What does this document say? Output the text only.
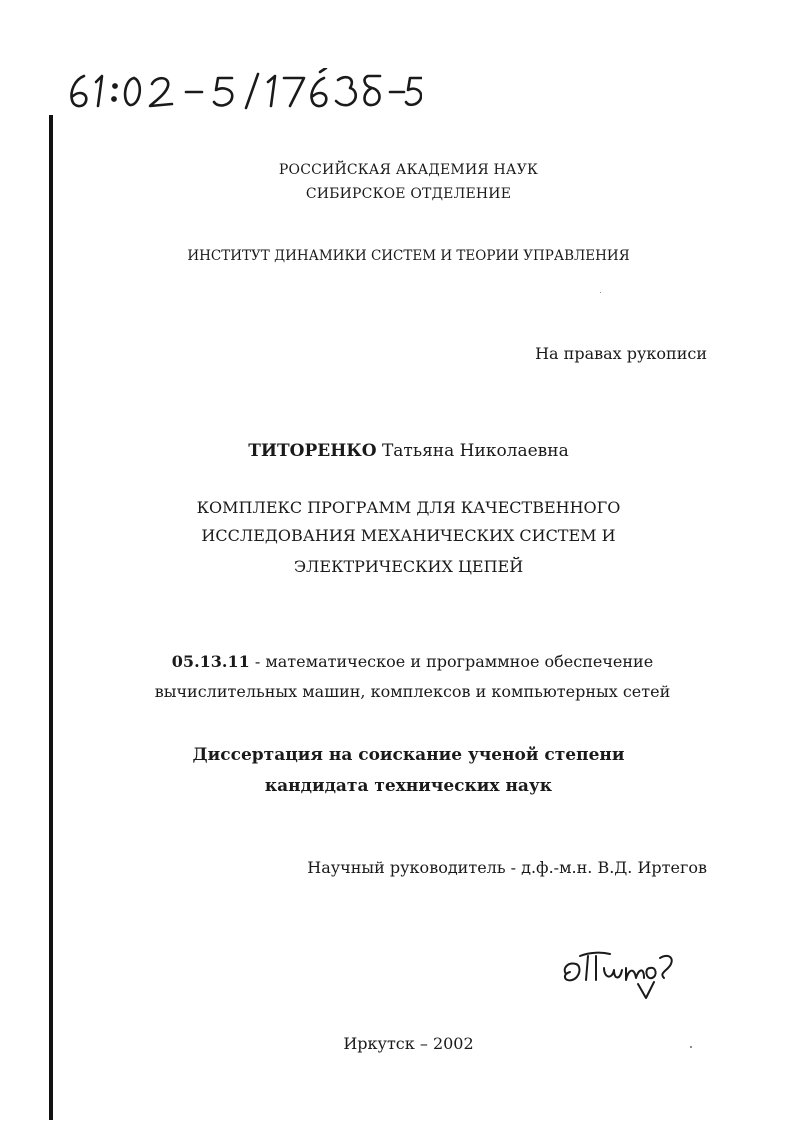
61:02-5/1763б-5
РОССИЙСКАЯ АКАДЕМИЯ НАУК
СИБИРСКОЕ ОТДЕЛЕНИЕ
ИНСТИТУТ ДИНАМИКИ СИСТЕМ И ТЕОРИИ УПРАВЛЕНИЯ
На правах рукописи
ТИТОРЕНКО Татьяна Николаевна
КОМПЛЕКС ПРОГРАММ ДЛЯ КАЧЕСТВЕННОГО
ИССЛЕДОВАНИЯ МЕХАНИЧЕСКИХ СИСТЕМ И
ЭЛЕКТРИЧЕСКИХ ЦЕПЕЙ
05.13.11 - математическое и программное обеспечение
вычислительных машин, комплексов и компьютерных сетей
Диссертация на соискание ученой степени
кандидата технических наук
Научный руководитель - д.ф.-м.н. В.Д. Иртегов
Иркутск – 2002
